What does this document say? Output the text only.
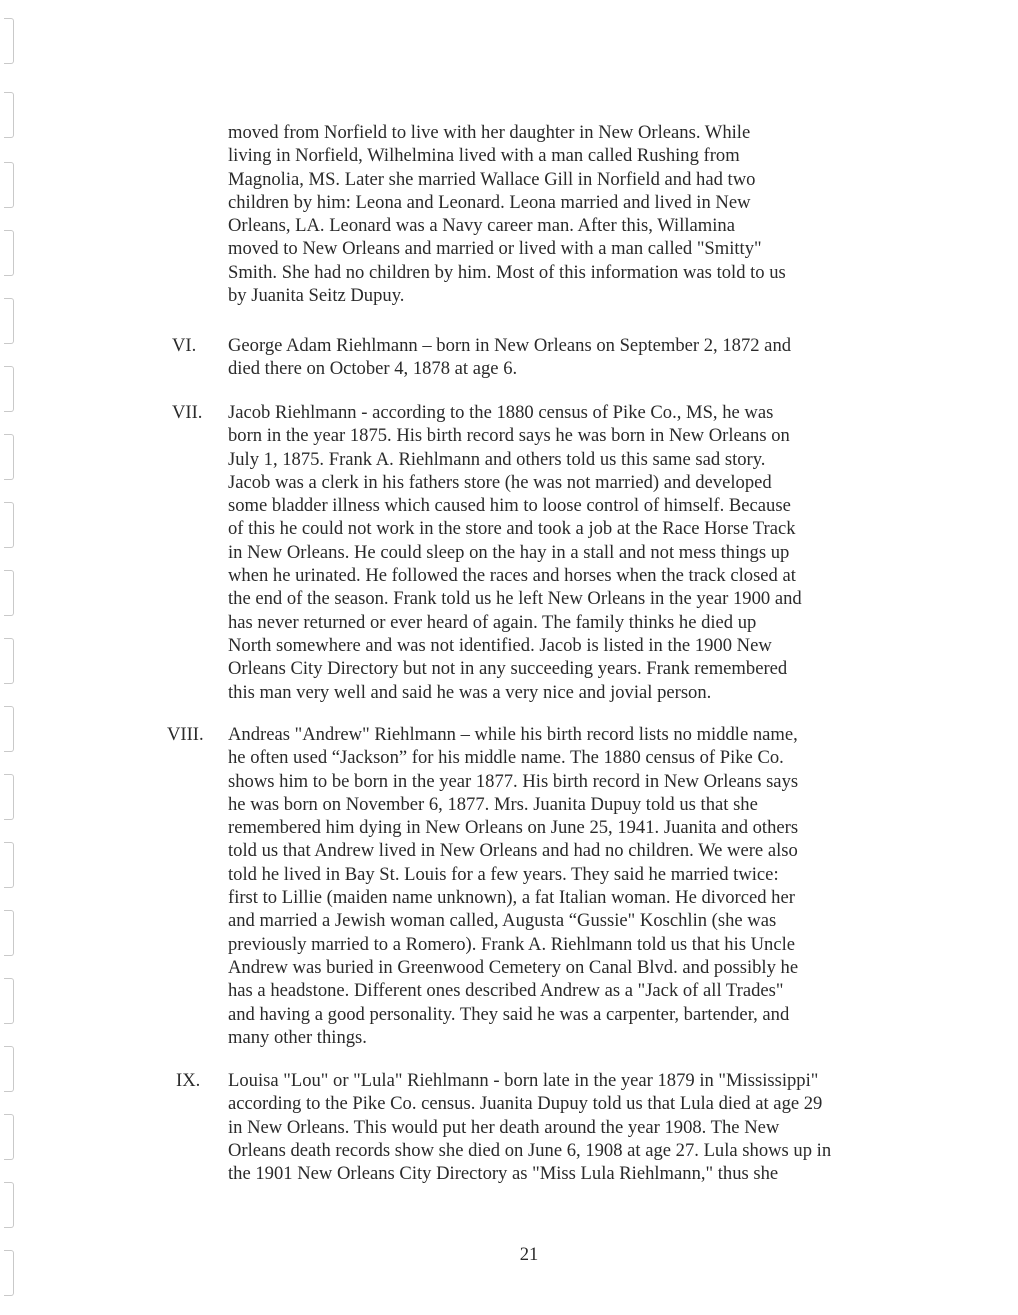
moved from Norfield to live with her daughter in New Orleans. While
living in Norfield, Wilhelmina lived with a man called Rushing from
Magnolia, MS. Later she married Wallace Gill in Norfield and had two
children by him: Leona and Leonard. Leona married and lived in New
Orleans, LA. Leonard was a Navy career man. After this, Willamina
moved to New Orleans and married or lived with a man called "Smitty"
Smith. She had no children by him. Most of this information was told to us
by Juanita Seitz Dupuy.

VI. George Adam Riehlmann – born in New Orleans on September 2, 1872 and
died there on October 4, 1878 at age 6.

VII. Jacob Riehlmann - according to the 1880 census of Pike Co., MS, he was
born in the year 1875. His birth record says he was born in New Orleans on
July 1, 1875. Frank A. Riehlmann and others told us this same sad story.
Jacob was a clerk in his fathers store (he was not married) and developed
some bladder illness which caused him to loose control of himself. Because
of this he could not work in the store and took a job at the Race Horse Track
in New Orleans. He could sleep on the hay in a stall and not mess things up
when he urinated. He followed the races and horses when the track closed at
the end of the season. Frank told us he left New Orleans in the year 1900 and
has never returned or ever heard of again. The family thinks he died up
North somewhere and was not identified. Jacob is listed in the 1900 New
Orleans City Directory but not in any succeeding years. Frank remembered
this man very well and said he was a very nice and jovial person.

VIII. Andreas "Andrew" Riehlmann – while his birth record lists no middle name,
he often used “Jackson” for his middle name. The 1880 census of Pike Co.
shows him to be born in the year 1877. His birth record in New Orleans says
he was born on November 6, 1877. Mrs. Juanita Dupuy told us that she
remembered him dying in New Orleans on June 25, 1941. Juanita and others
told us that Andrew lived in New Orleans and had no children. We were also
told he lived in Bay St. Louis for a few years. They said he married twice:
first to Lillie (maiden name unknown), a fat Italian woman. He divorced her
and married a Jewish woman called, Augusta “Gussie" Koschlin (she was
previously married to a Romero). Frank A. Riehlmann told us that his Uncle
Andrew was buried in Greenwood Cemetery on Canal Blvd. and possibly he
has a headstone. Different ones described Andrew as a "Jack of all Trades"
and having a good personality. They said he was a carpenter, bartender, and
many other things.

IX. Louisa "Lou" or "Lula" Riehlmann - born late in the year 1879 in "Mississippi"
according to the Pike Co. census. Juanita Dupuy told us that Lula died at age 29
in New Orleans. This would put her death around the year 1908. The New
Orleans death records show she died on June 6, 1908 at age 27. Lula shows up in
the 1901 New Orleans City Directory as "Miss Lula Riehlmann," thus she

21
